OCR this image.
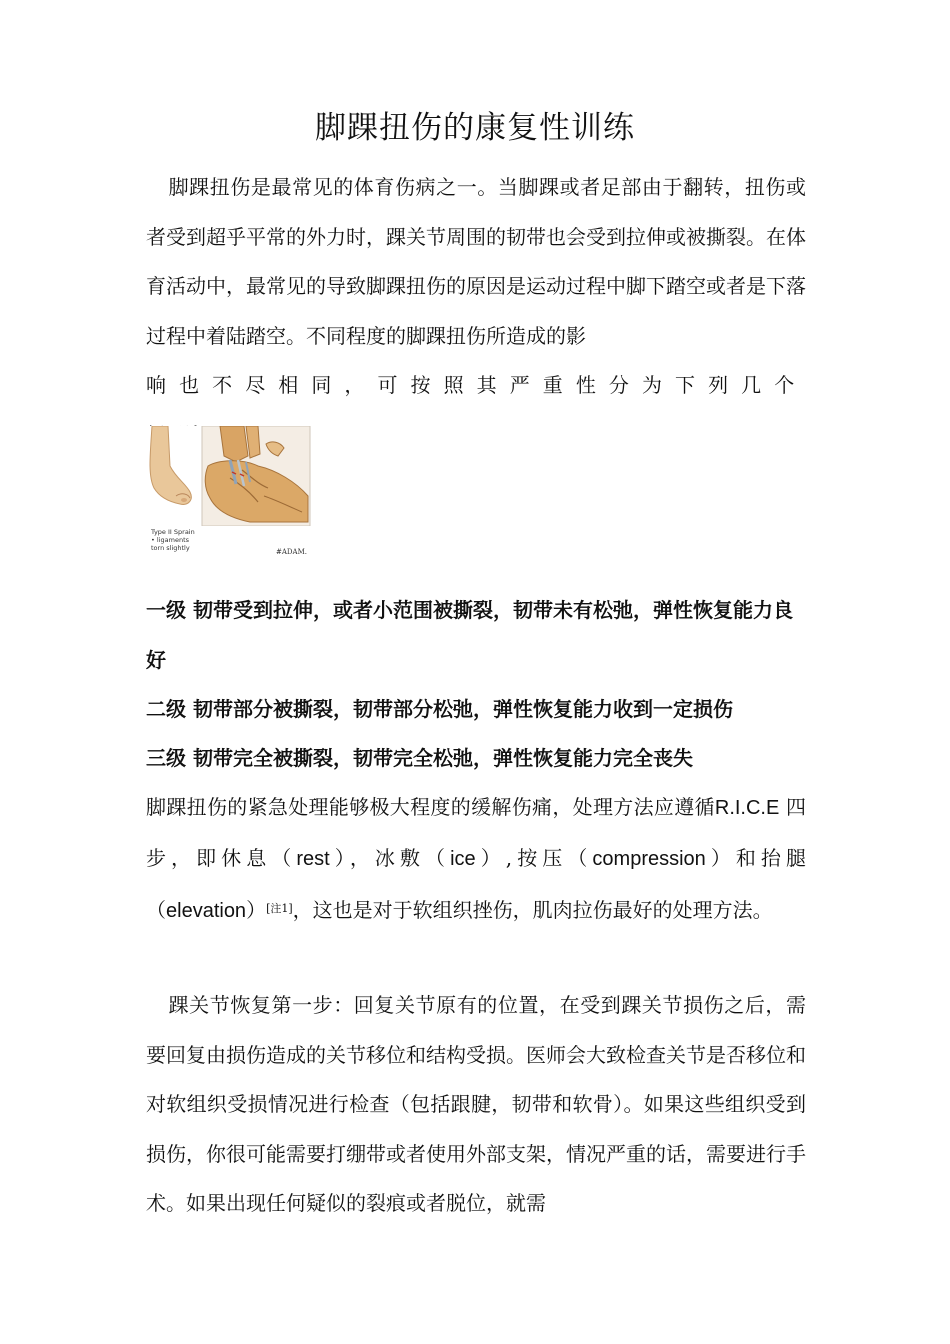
脚踝扭伤的康复性训练

脚踝扭伤是最常见的体育伤病之一。当脚踝或者足部由于翻转，扭伤或者受到超乎平常的外力时，踝关节周围的韧带也会受到拉伸或被撕裂。在体育活动中，最常见的导致脚踝扭伤的原因是运动过程中脚下踏空或者是下落过程中着陆踏空。不同程度的脚踝扭伤所造成的影
响也不尽相同，可按照其严重性分为下列几个

Type II Sprain
• ligaments
torn slightly	#ADAM.

一级 韧带受到拉伸，或者小范围被撕裂，韧带未有松弛，弹性恢复能力良好

二级 韧带部分被撕裂，韧带部分松弛，弹性恢复能力收到一定损伤

三级 韧带完全被撕裂，韧带完全松弛，弹性恢复能力完全丧失

脚踝扭伤的紧急处理能够极大程度的缓解伤痛，处理方法应遵循R.I.C.E 四步，即休息（rest），冰敷（ice）,按压（compression）和抬腿（elevation）[注1]，这也是对于软组织挫伤，肌肉拉伤最好的处理方法。

踝关节恢复第一步：回复关节原有的位置，在受到踝关节损伤之后，需要回复由损伤造成的关节移位和结构受损。医师会大致检查关节是否移位和对软组织受损情况进行检查（包括跟腱，韧带和软骨）。如果这些组织受到损伤，你很可能需要打绷带或者使用外部支架，情况严重的话，需要进行手术。如果出现任何疑似的裂痕或者脱位，就需
